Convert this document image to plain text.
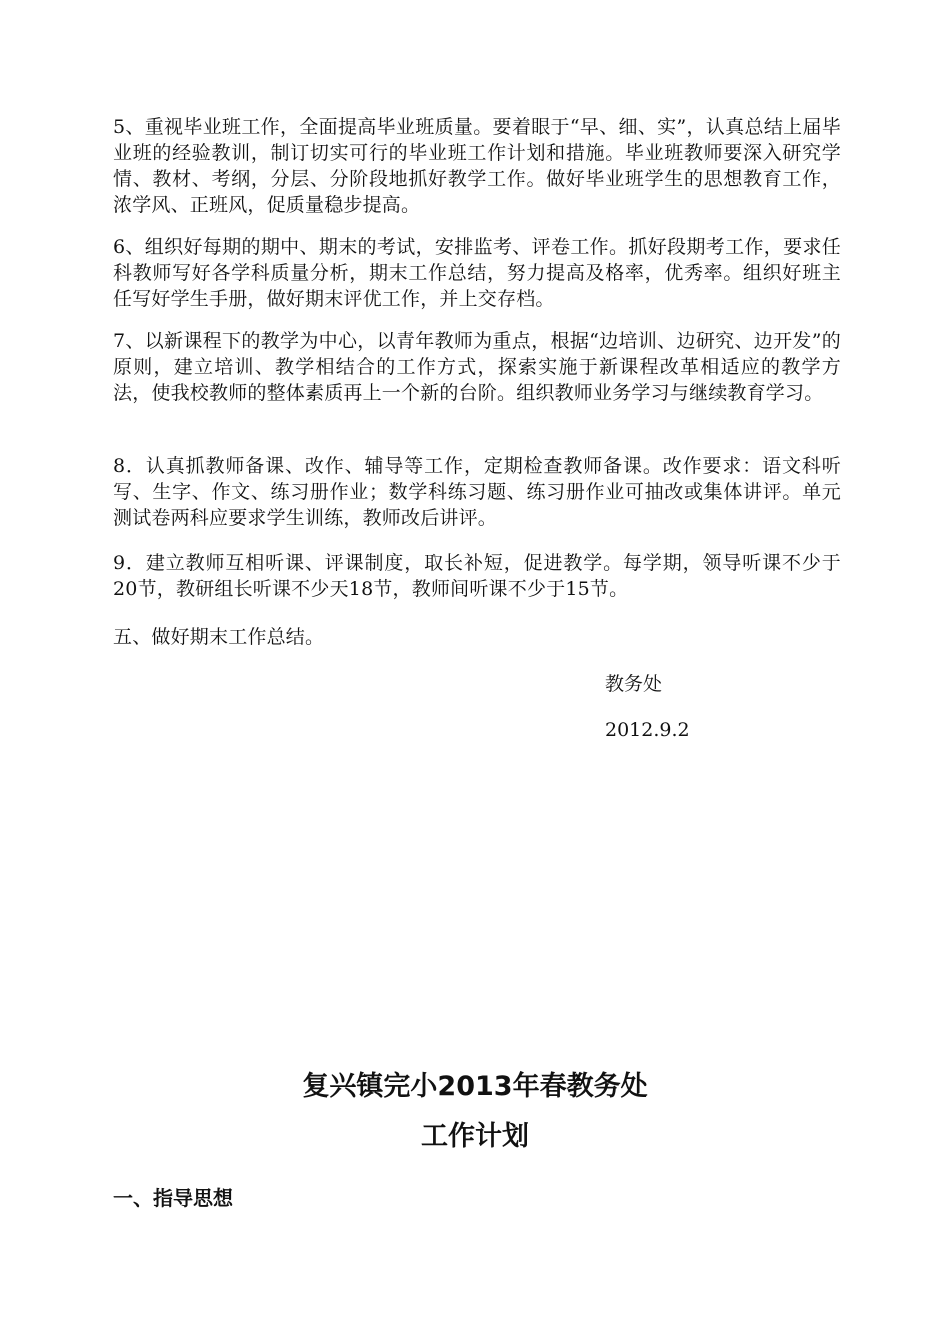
5、重视毕业班工作，全面提高毕业班质量。要着眼于“早、细、实”，认真总结上届毕业班的经验教训，制订切实可行的毕业班工作计划和措施。毕业班教师要深入研究学情、教材、考纲，分层、分阶段地抓好教学工作。做好毕业班学生的思想教育工作，浓学风、正班风，促质量稳步提高。
6、组织好每期的期中、期末的考试，安排监考、评卷工作。抓好段期考工作，要求任科教师写好各学科质量分析，期末工作总结，努力提高及格率，优秀率。组织好班主任写好学生手册，做好期末评优工作，并上交存档。
7、以新课程下的教学为中心，以青年教师为重点，根据“边培训、边研究、边开发”的原则，建立培训、教学相结合的工作方式，探索实施于新课程改革相适应的教学方法，使我校教师的整体素质再上一个新的台阶。组织教师业务学习与继续教育学习。
8．认真抓教师备课、改作、辅导等工作，定期检查教师备课。改作要求：语文科听写、生字、作文、练习册作业；数学科练习题、练习册作业可抽改或集体讲评。单元测试卷两科应要求学生训练，教师改后讲评。
9．建立教师互相听课、评课制度，取长补短，促进教学。每学期，领导听课不少于20节，教研组长听课不少天18节，教师间听课不少于15节。
五、做好期末工作总结。
教务处
2012.9.2
复兴镇完小2013年春教务处
工作计划
一、指导思想
